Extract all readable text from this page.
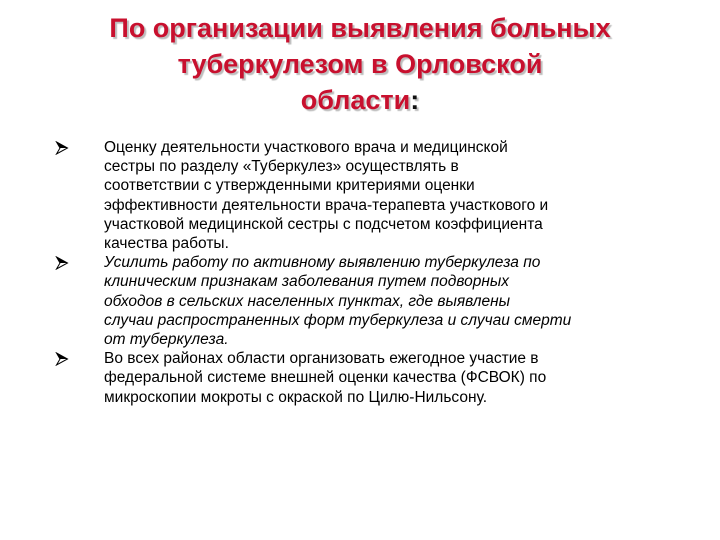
По организации выявления больных
туберкулезом в Орловской
области:
Оценку деятельности участкового врача и медицинской
сестры по разделу «Туберкулез» осуществлять в
соответствии с утвержденными критериями оценки
эффективности деятельности врача-терапевта участкового и
участковой медицинской сестры с подсчетом коэффициента
качества работы.
Усилить работу по активному выявлению туберкулеза по
клиническим признакам заболевания путем подворных
обходов в сельских населенных пунктах, где выявлены
случаи распространенных форм туберкулеза и случаи смерти
от туберкулеза.
Во всех районах области организовать ежегодное участие в
федеральной системе внешней оценки качества (ФСВОК) по
микроскопии мокроты с окраской по Цилю-Нильсону.
